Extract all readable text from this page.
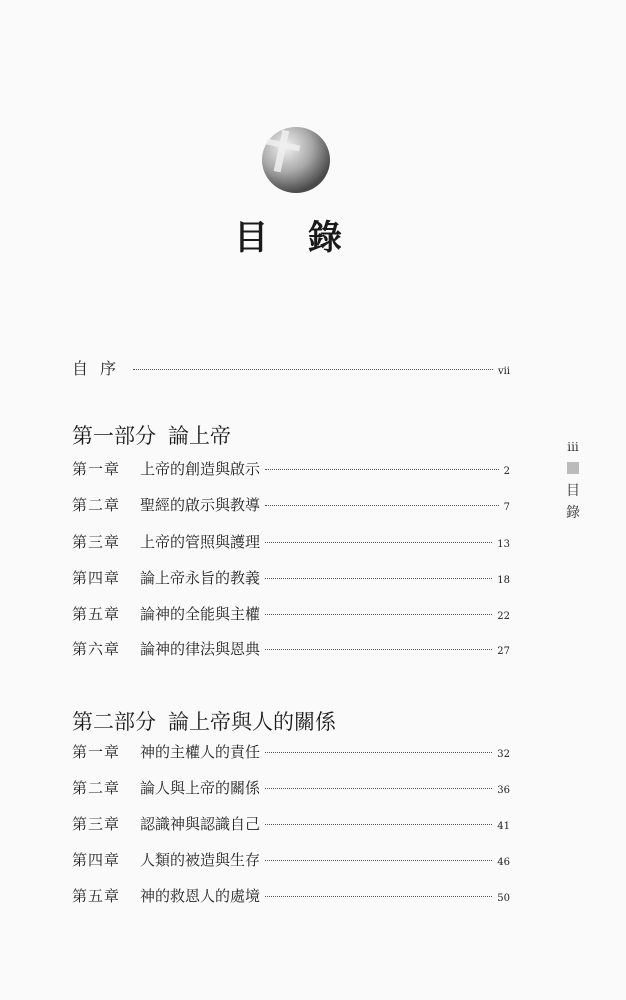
目 錄
自序	vii
第一部分 論上帝
第一章 上帝的創造與啟示	2
第二章 聖經的啟示與教導	7
第三章 上帝的管照與護理	13
第四章 論上帝永旨的教義	18
第五章 論神的全能與主權	22
第六章 論神的律法與恩典	27
第二部分 論上帝與人的關係
第一章 神的主權人的責任	32
第二章 論人與上帝的關係	36
第三章 認識神與認識自己	41
第四章 人類的被造與生存	46
第五章 神的救恩人的處境	50
iii
目
錄
